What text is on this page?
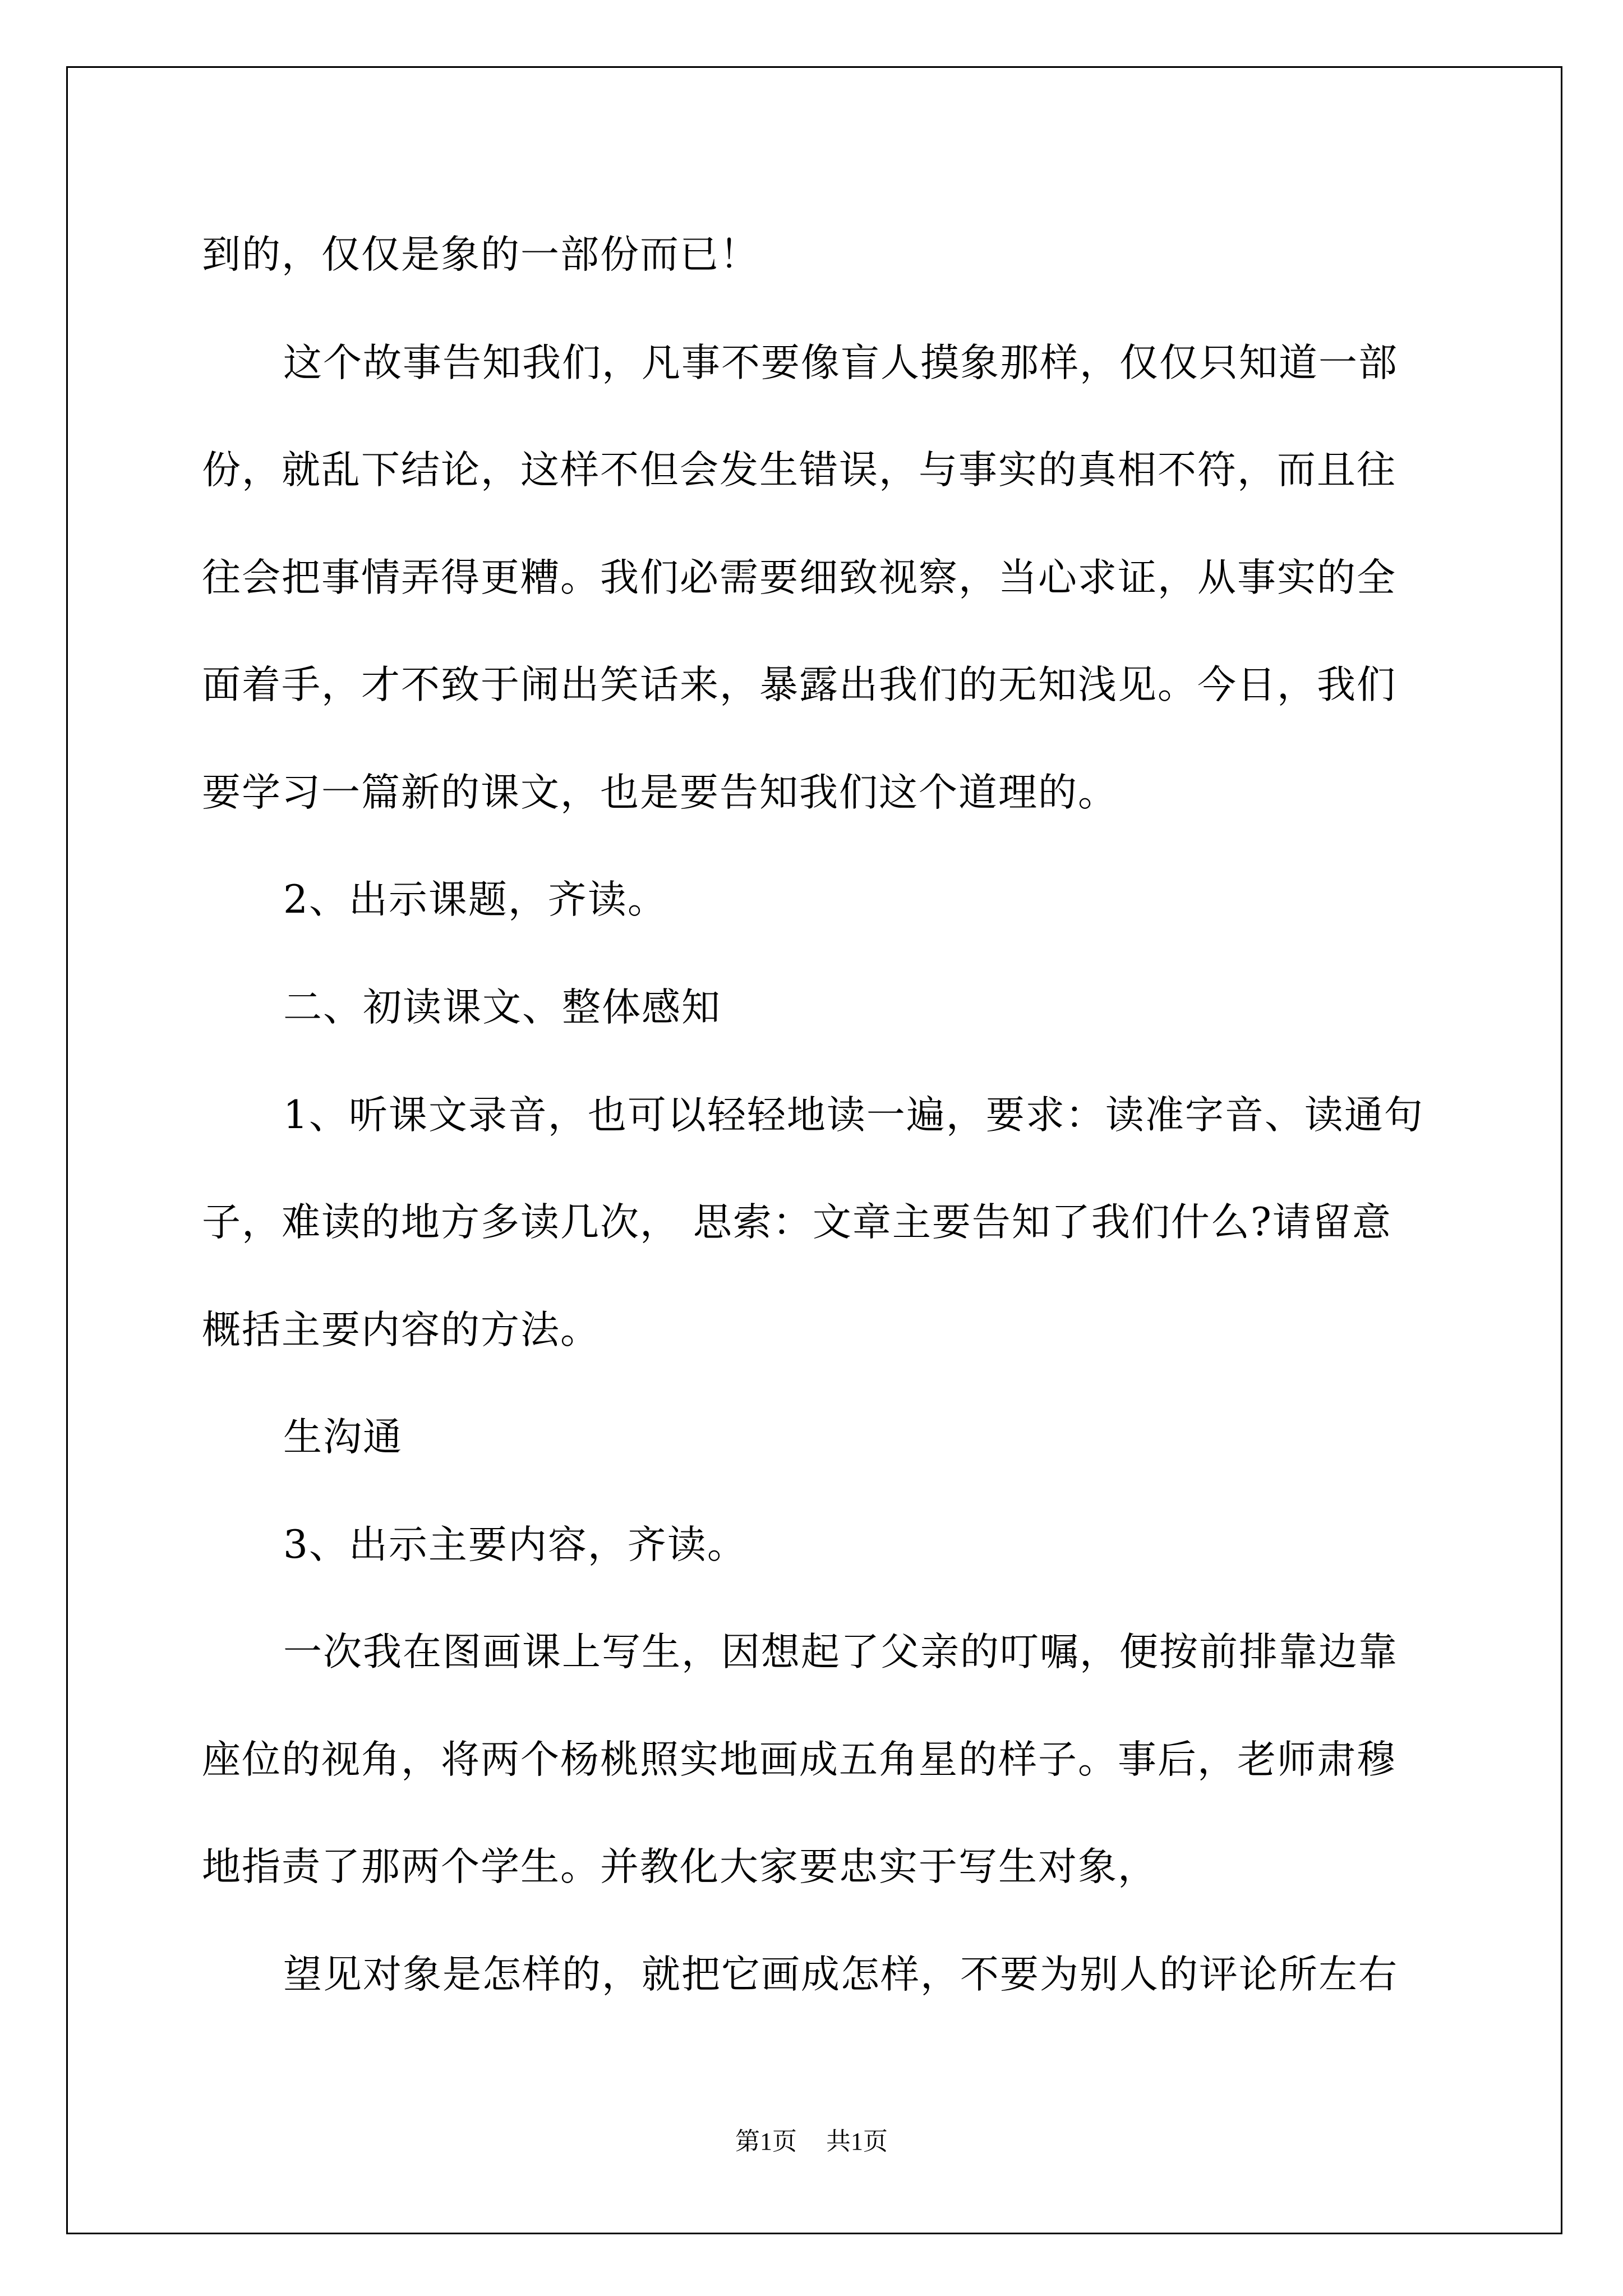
到的，仅仅是象的一部份而已！
这个故事告知我们，凡事不要像盲人摸象那样，仅仅只知道一部
份，就乱下结论，这样不但会发生错误，与事实的真相不符，而且往
往会把事情弄得更糟。我们必需要细致视察，当心求证，从事实的全
面着手，才不致于闹出笑话来，暴露出我们的无知浅见。今日，我们
要学习一篇新的课文，也是要告知我们这个道理的。
2、出示课题，齐读。
二、初读课文、整体感知
1、听课文录音，也可以轻轻地读一遍，要求：读准字音、读通句
子，难读的地方多读几次， 思索：文章主要告知了我们什么?请留意
概括主要内容的方法。
生沟通
3、出示主要内容，齐读。
一次我在图画课上写生，因想起了父亲的叮嘱，便按前排靠边靠
座位的视角，将两个杨桃照实地画成五角星的样子。事后，老师肃穆
地指责了那两个学生。并教化大家要忠实于写生对象，
望见对象是怎样的，就把它画成怎样，不要为别人的评论所左右
第1页 共1页
